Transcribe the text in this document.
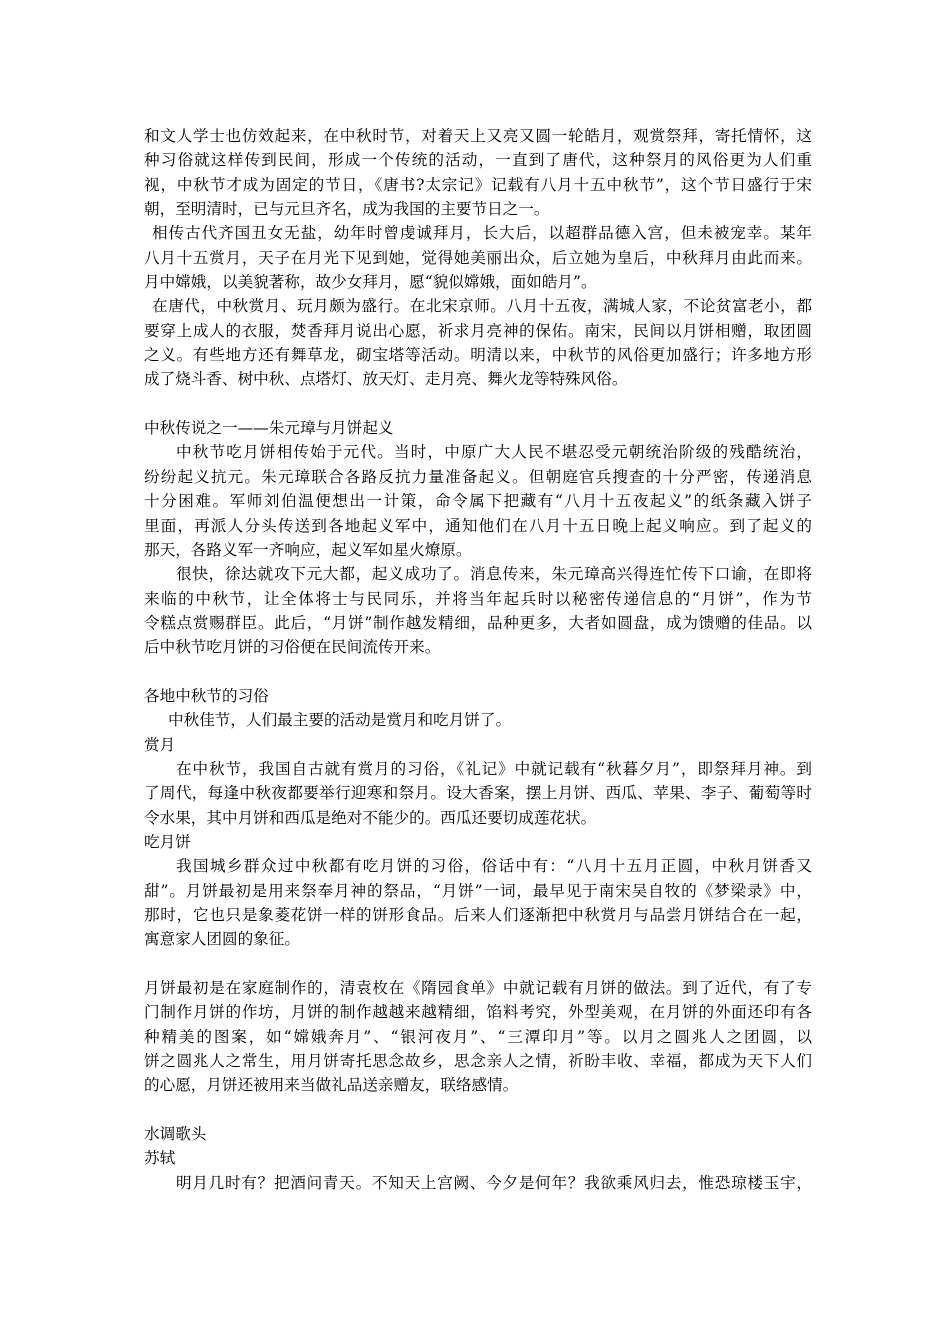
和文人学士也仿效起来，在中秋时节，对着天上又亮又圆一轮皓月，观赏祭拜，寄托情怀，这
种习俗就这样传到民间，形成一个传统的活动，一直到了唐代，这种祭月的风俗更为人们重
视，中秋节才成为固定的节日，《唐书?太宗记》记载有八月十五中秋节”，这个节日盛行于宋
朝，至明清时，已与元旦齐名，成为我国的主要节日之一。
相传古代齐国丑女无盐，幼年时曾虔诚拜月，长大后，以超群品德入宫，但未被宠幸。某年
八月十五赏月，天子在月光下见到她，觉得她美丽出众，后立她为皇后，中秋拜月由此而来。
月中嫦娥，以美貌著称，故少女拜月，愿“貌似嫦娥，面如皓月”。
在唐代，中秋赏月、玩月颇为盛行。在北宋京师。八月十五夜，满城人家，不论贫富老小，都
要穿上成人的衣服，焚香拜月说出心愿，祈求月亮神的保佑。南宋，民间以月饼相赠，取团圆
之义。有些地方还有舞草龙，砌宝塔等活动。明清以来，中秋节的风俗更加盛行；许多地方形
成了烧斗香、树中秋、点塔灯、放天灯、走月亮、舞火龙等特殊风俗。
中秋传说之一——朱元璋与月饼起义
中秋节吃月饼相传始于元代。当时，中原广大人民不堪忍受元朝统治阶级的残酷统治，
纷纷起义抗元。朱元璋联合各路反抗力量准备起义。但朝庭官兵搜查的十分严密，传递消息
十分困难。军师刘伯温便想出一计策，命令属下把藏有“八月十五夜起义”的纸条藏入饼子
里面，再派人分头传送到各地起义军中，通知他们在八月十五日晚上起义响应。到了起义的
那天，各路义军一齐响应，起义军如星火燎原。
很快，徐达就攻下元大都，起义成功了。消息传来，朱元璋高兴得连忙传下口谕，在即将
来临的中秋节，让全体将士与民同乐，并将当年起兵时以秘密传递信息的“月饼”，作为节
令糕点赏赐群臣。此后，“月饼”制作越发精细，品种更多，大者如圆盘，成为馈赠的佳品。以
后中秋节吃月饼的习俗便在民间流传开来。
各地中秋节的习俗
中秋佳节，人们最主要的活动是赏月和吃月饼了。
赏月
在中秋节，我国自古就有赏月的习俗，《礼记》中就记载有“秋暮夕月”，即祭拜月神。到
了周代，每逢中秋夜都要举行迎寒和祭月。设大香案，摆上月饼、西瓜、苹果、李子、葡萄等时
令水果，其中月饼和西瓜是绝对不能少的。西瓜还要切成莲花状。
吃月饼
我国城乡群众过中秋都有吃月饼的习俗，俗话中有：“八月十五月正圆，中秋月饼香又
甜”。月饼最初是用来祭奉月神的祭品，“月饼”一词，最早见于南宋吴自牧的《梦梁录》中，
那时，它也只是象菱花饼一样的饼形食品。后来人们逐渐把中秋赏月与品尝月饼结合在一起，
寓意家人团圆的象征。
月饼最初是在家庭制作的，清袁枚在《隋园食单》中就记载有月饼的做法。到了近代，有了专
门制作月饼的作坊，月饼的制作越越来越精细，馅料考究，外型美观，在月饼的外面还印有各
种精美的图案，如“嫦娥奔月”、“银河夜月”、“三潭印月”等。以月之圆兆人之团圆，以
饼之圆兆人之常生，用月饼寄托思念故乡，思念亲人之情，祈盼丰收、幸福，都成为天下人们
的心愿，月饼还被用来当做礼品送亲赠友，联络感情。
水调歌头
苏轼
明月几时有？把酒问青天。不知天上宫阙、今夕是何年？我欲乘风归去，惟恐琼楼玉宇，
